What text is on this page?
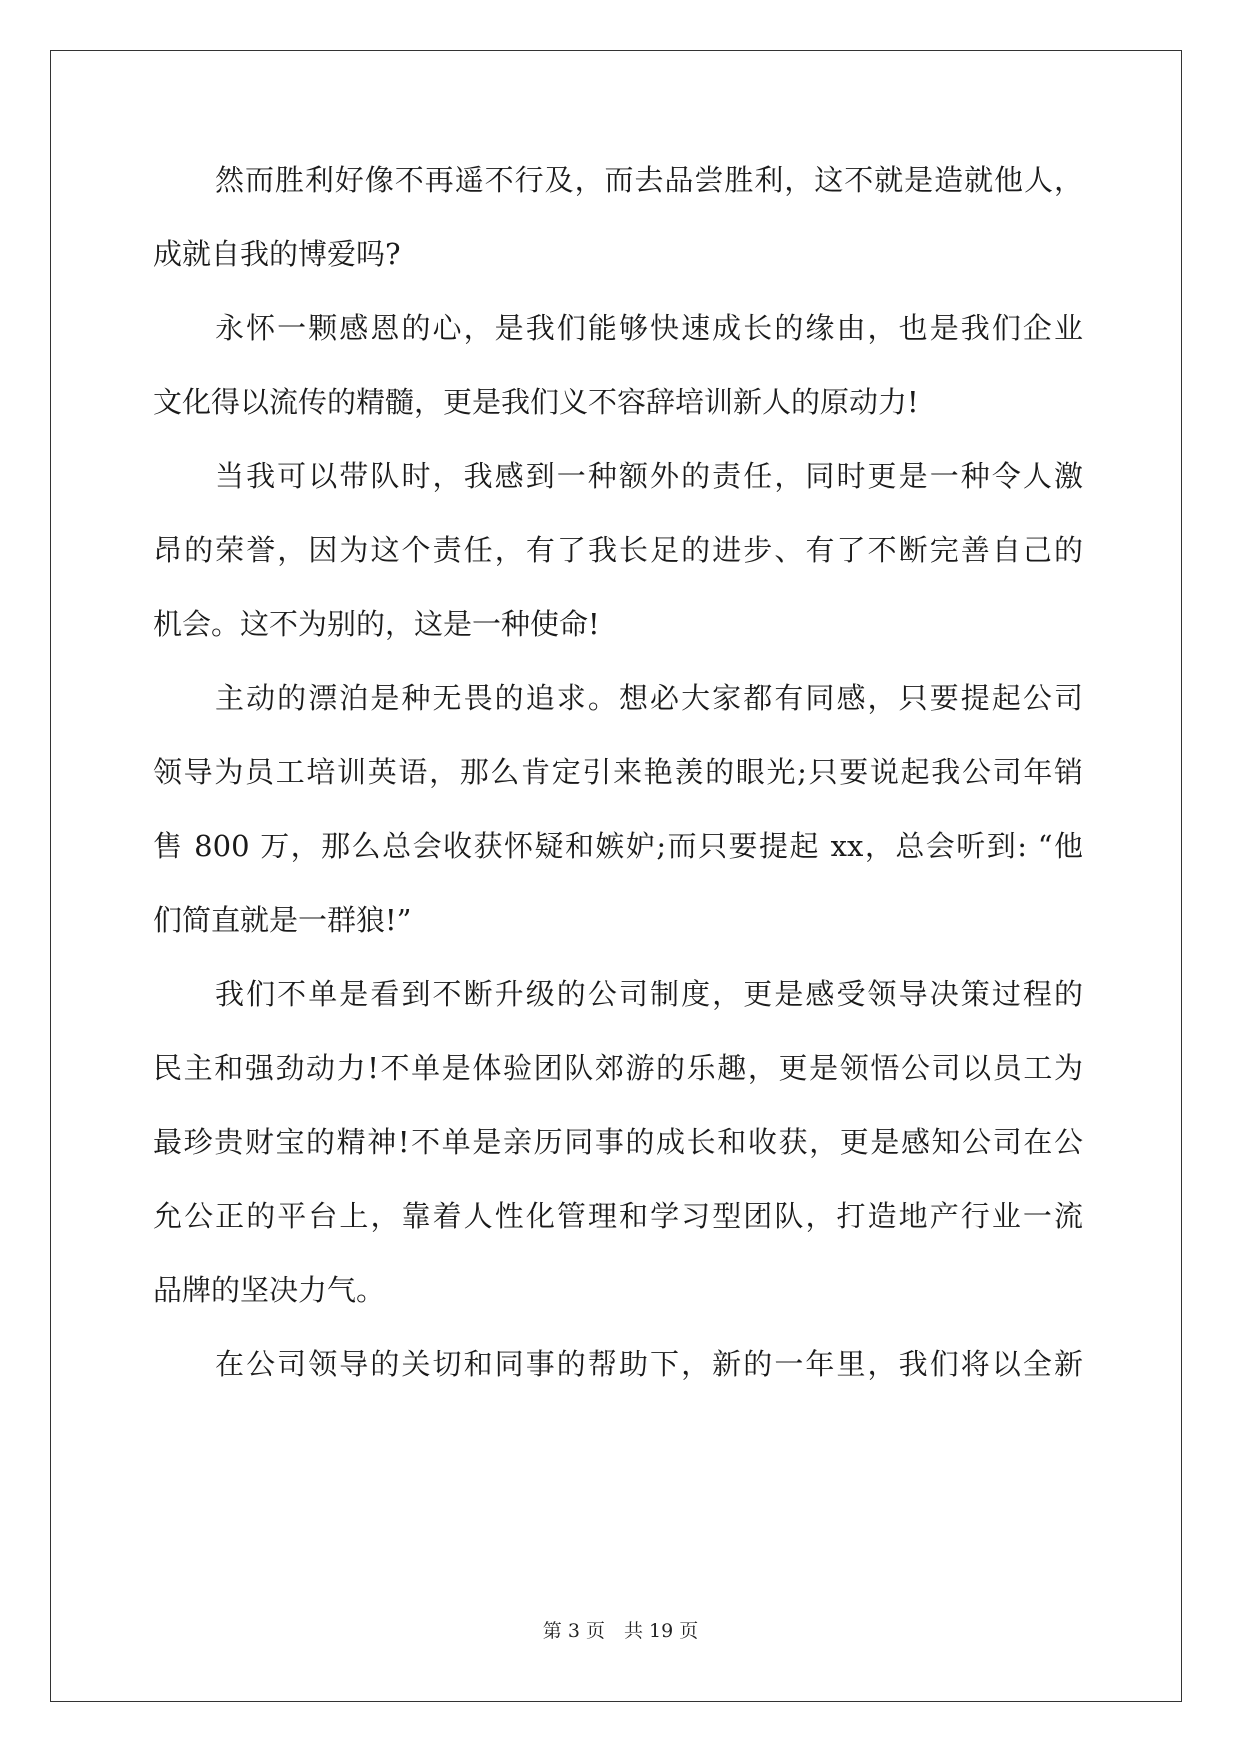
然而胜利好像不再遥不行及，而去品尝胜利，这不就是造就他人，
成就自我的博爱吗?
永怀一颗感恩的心，是我们能够快速成长的缘由，也是我们企业
文化得以流传的精髓，更是我们义不容辞培训新人的原动力!
当我可以带队时，我感到一种额外的责任，同时更是一种令人激
昂的荣誉，因为这个责任，有了我长足的进步、有了不断完善自己的
机会。这不为别的，这是一种使命!
主动的漂泊是种无畏的追求。想必大家都有同感，只要提起公司
领导为员工培训英语，那么肯定引来艳羡的眼光;只要说起我公司年销
售 800 万，那么总会收获怀疑和嫉妒;而只要提起 xx，总会听到: “他
们简直就是一群狼!”
我们不单是看到不断升级的公司制度，更是感受领导决策过程的
民主和强劲动力!不单是体验团队郊游的乐趣，更是领悟公司以员工为
最珍贵财宝的精神!不单是亲历同事的成长和收获，更是感知公司在公
允公正的平台上，靠着人性化管理和学习型团队，打造地产行业一流
品牌的坚决力气。
在公司领导的关切和同事的帮助下，新的一年里，我们将以全新
第 3 页　共 19 页
